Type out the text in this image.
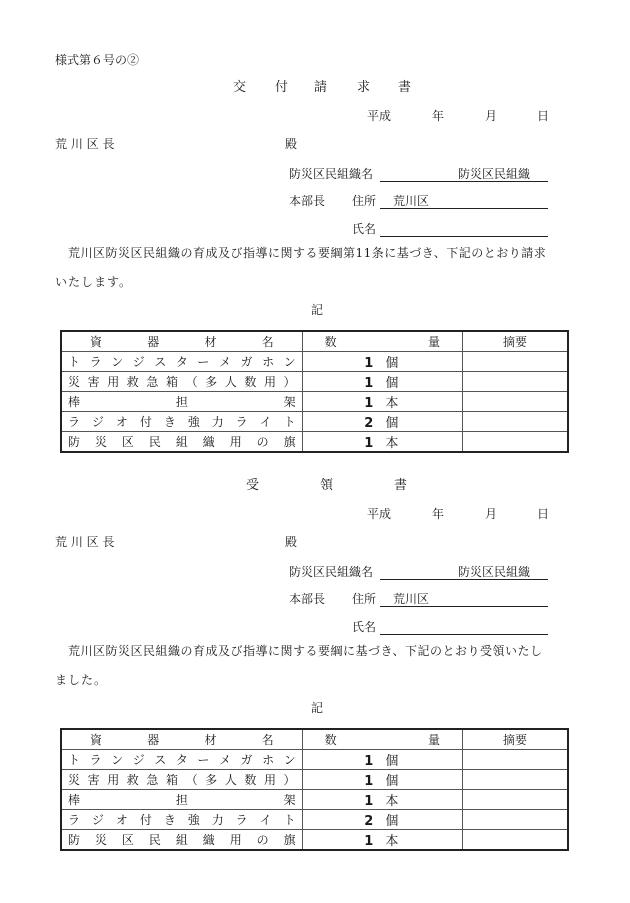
様式第６号の②
交 付 請 求 書
平成	年	月	日
荒 川 区 長	殿
防災区民組織名	防災区民組織
本部長 住所 荒川区
氏名
荒川区防災区民組織の育成及び指導に関する要綱第11条に基づき、下記のとおり請求
いたします。
記
資 器 材 名	数 量	摘 要

ト ラ ン ジ ス タ ー メ ガ ホ ン	1 個	

災 害 用 救 急 箱 （ 多 人 数 用 ）	1 個	

棒 担 架	1 本	

ラ ジ オ 付 き 強 力 ラ イ ト	2 個	

防 災 区 民 組 織 用 の 旗	1 本	
受	領	書
平成	年	月	日
荒 川 区 長	殿
防災区民組織名	防災区民組織
本部長 住所 荒川区
氏名
荒川区防災区民組織の育成及び指導に関する要綱に基づき、下記のとおり受領いたし
ました。
記
資 器 材 名	数 量	摘 要

ト ラ ン ジ ス タ ー メ ガ ホ ン	1 個	

災 害 用 救 急 箱 （ 多 人 数 用 ）	1 個	

棒 担 架	1 本	

ラ ジ オ 付 き 強 力 ラ イ ト	2 個	

防 災 区 民 組 織 用 の 旗	1 本	
